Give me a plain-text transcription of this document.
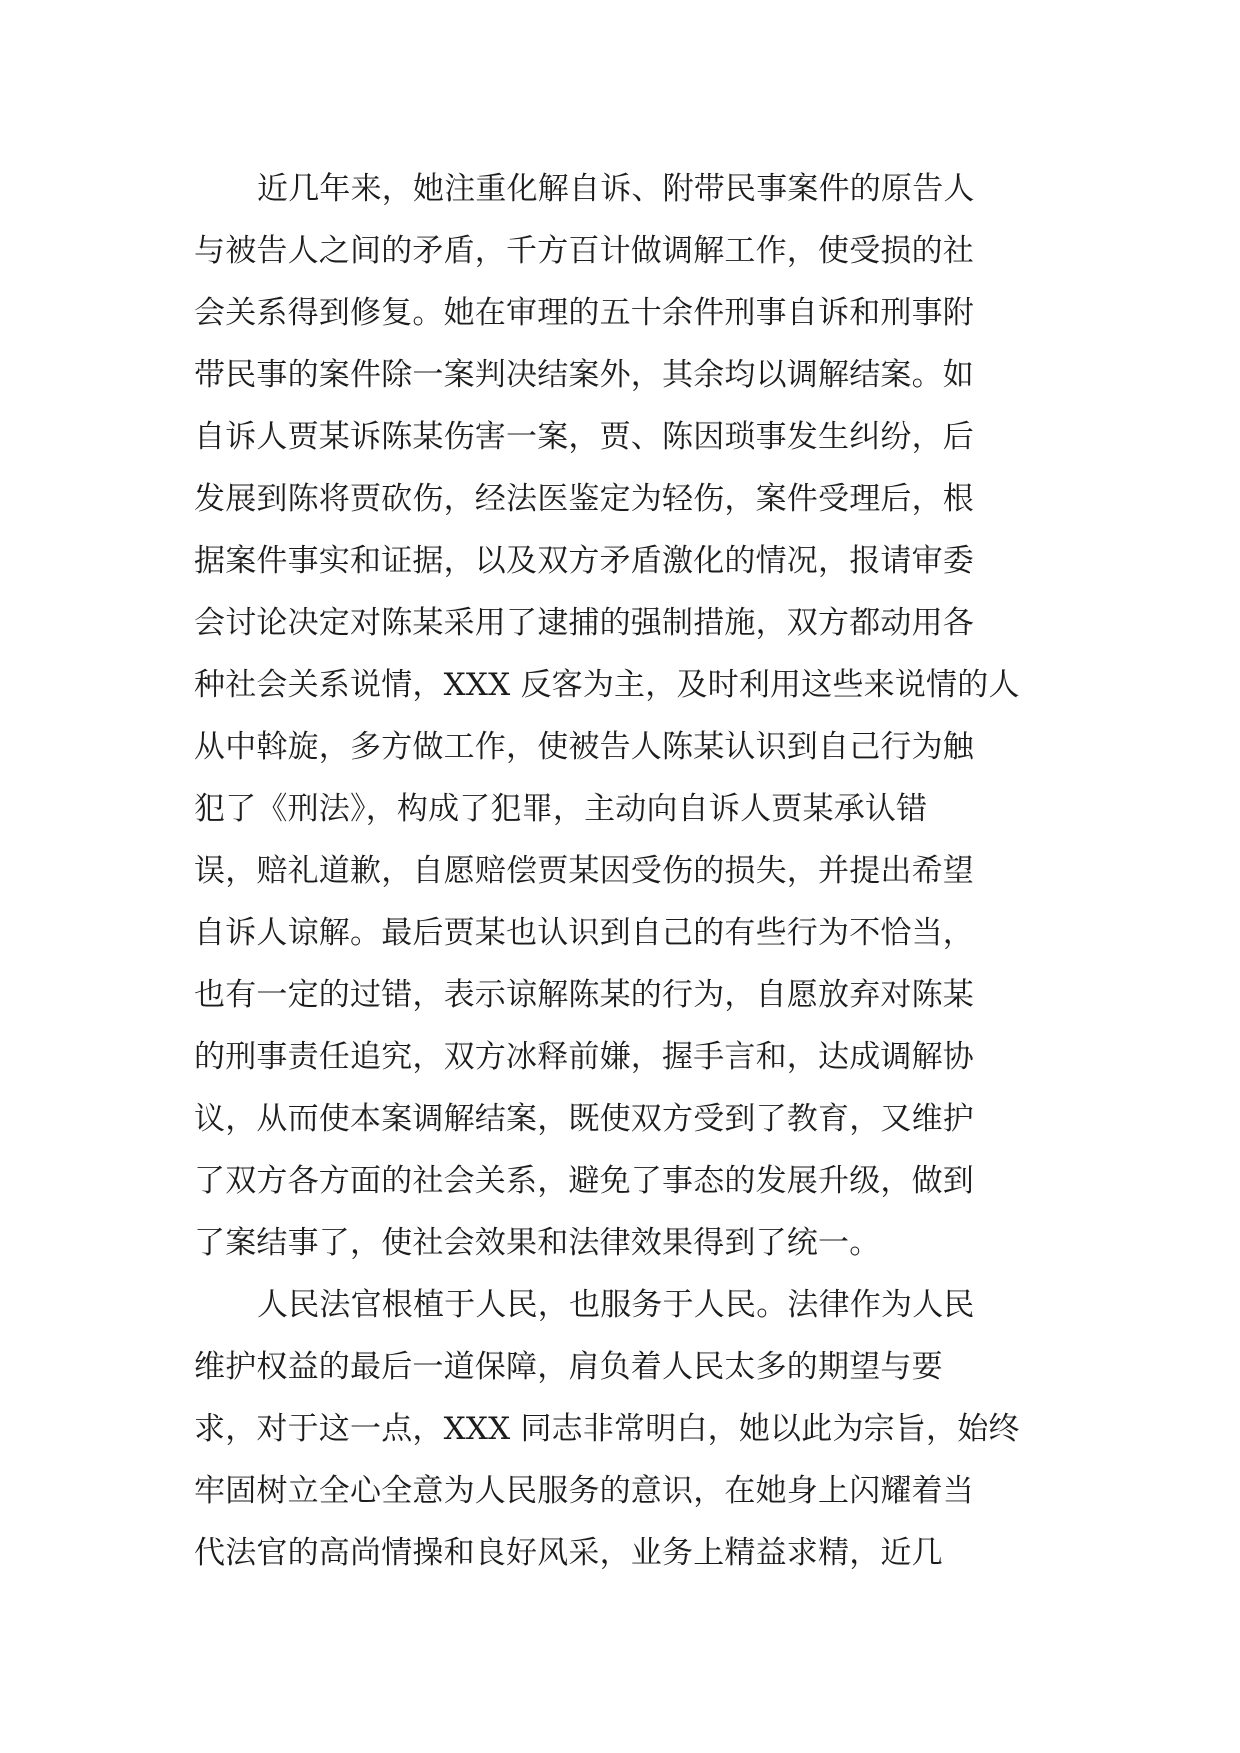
近几年来，她注重化解自诉、附带民事案件的原告人

与被告人之间的矛盾，千方百计做调解工作，使受损的社

会关系得到修复。她在审理的五十余件刑事自诉和刑事附

带民事的案件除一案判决结案外，其余均以调解结案。如

自诉人贾某诉陈某伤害一案，贾、陈因琐事发生纠纷，后

发展到陈将贾砍伤，经法医鉴定为轻伤，案件受理后，根

据案件事实和证据，以及双方矛盾激化的情况，报请审委

会讨论决定对陈某采用了逮捕的强制措施，双方都动用各

种社会关系说情，XXX 反客为主，及时利用这些来说情的人

从中斡旋，多方做工作，使被告人陈某认识到自己行为触

犯了《刑法》，构成了犯罪，主动向自诉人贾某承认错

误，赔礼道歉，自愿赔偿贾某因受伤的损失，并提出希望

自诉人谅解。最后贾某也认识到自己的有些行为不恰当，

也有一定的过错，表示谅解陈某的行为，自愿放弃对陈某

的刑事责任追究，双方冰释前嫌，握手言和，达成调解协

议，从而使本案调解结案，既使双方受到了教育，又维护

了双方各方面的社会关系，避免了事态的发展升级，做到

了案结事了，使社会效果和法律效果得到了统一。

人民法官根植于人民，也服务于人民。法律作为人民

维护权益的最后一道保障，肩负着人民太多的期望与要

求，对于这一点，XXX 同志非常明白，她以此为宗旨，始终

牢固树立全心全意为人民服务的意识，在她身上闪耀着当

代法官的高尚情操和良好风采，业务上精益求精，近几
